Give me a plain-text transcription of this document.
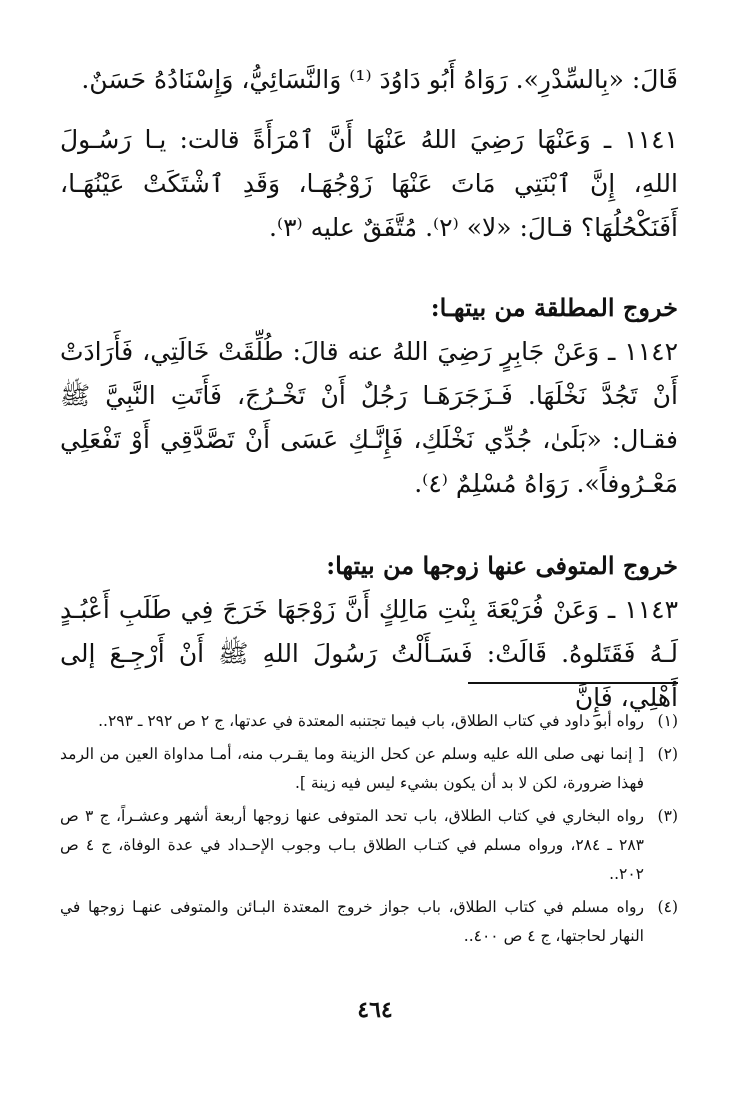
قَالَ: «بِالسِّدْرِ». رَوَاهُ أَبُو دَاوُدَ ⁽¹⁾ وَالنَّسَائِيُّ، وَإِسْنَادُهُ حَسَنٌ.

١١٤١ ـ وَعَنْهَا رَضِيَ اللهُ عَنْهَا أَنَّ ٱمْرَأَةً قالت: يـا رَسُـولَ اللهِ، إِنَّ ٱبْنَتِي مَاتَ عَنْهَا زَوْجُهَـا، وَقَدِ ٱشْتَكَتْ عَيْنُهَـا، أَفَنَكْحُلُهَا؟ قـالَ: «لا» ⁽٢⁾. مُتَّفَقٌ عليه ⁽٣⁾.

خروج المطلقة من بيتهـا:

١١٤٢ ـ وَعَنْ جَابِرٍ رَضِيَ اللهُ عنه قالَ: طُلِّقَتْ خَالَتِي، فَأَرَادَتْ أَنْ تَجُدَّ نَخْلَهَا. فَـزَجَرَهَـا رَجُلٌ أَنْ تَخْـرُجَ، فَأَتَتِ النَّبِيَّ ﷺ فقـال: «بَلَىٰ، جُدِّي نَخْلَكِ، فَإِنَّـكِ عَسَى أَنْ تَصَّدَّقِي أَوْ تَفْعَلِي مَعْـرُوفاً». رَوَاهُ مُسْلِمٌ ⁽٤⁾.

خروج المتوفى عنها زوجها من بيتها:

١١٤٣ ـ وَعَنْ فُرَيْعَةَ بِنْتِ مَالِكٍ أَنَّ زَوْجَهَا خَرَجَ فِي طَلَبِ أَعْبُـدٍ لَـهُ فَقَتَلوهُ. قَالَتْ: فَسَـأَلْتُ رَسُولَ اللهِ ﷺ أَنْ أَرْجِـعَ إلى أَهْلِي، فَإِنَّ

(١)
رواه أبو داود في كتاب الطلاق، باب فيما تجتنبه المعتدة في عدتها، ج ٢ ص ٢٩٢ ـ ٢٩٣..
(٢)
[ إنما نهى صلى الله عليه وسلم عن كحل الزينة وما يقـرب منه، أمـا مداواة العين من الرمد فهذا ضرورة، لكن لا بد أن يكون بشيء ليس فيه زينة ].
(٣)
رواه البخاري في كتاب الطلاق، باب تحد المتوفى عنها زوجها أربعة أشهر وعشـراً، ج ٣ ص ٢٨٣ ـ ٢٨٤، ورواه مسلم في كتـاب الطلاق بـاب وجوب الإحـداد في عدة الوفاة، ج ٤ ص ٢٠٢..
(٤)
رواه مسلم في كتاب الطلاق، باب جواز خروج المعتدة البـائن والمتوفى عنهـا زوجها في النهار لحاجتها، ج ٤ ص ٤٠٠..
٤٦٤
